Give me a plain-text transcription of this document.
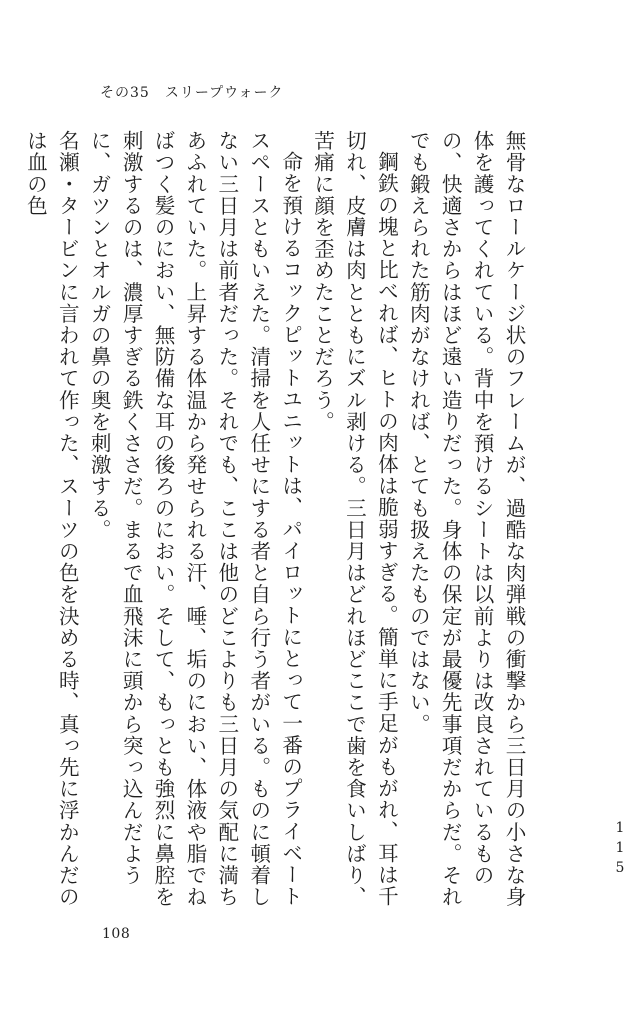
その35　スリープウォーク

無骨なロールケージ状のフレームが、過酷な肉弾戦の衝撃から三日月の小さな身体を護ってくれている。背中を預けるシートは以前よりは改良されているものの、快適さからはほど遠い造りだった。身体の保定が最優先事項だからだ。それでも鍛えられた筋肉がなければ、とても扱えたものではない。

鋼鉄の塊と比べれば、ヒトの肉体は脆弱すぎる。簡単に手足がもがれ、耳は千切れ、皮膚は肉とともにズル剥ける。三日月はどれほどここで歯を食いしばり、苦痛に顔を歪めたことだろう。

命を預けるコックピットユニットは、パイロットにとって一番のプライベートスペースともいえた。清掃を人任せにする者と自ら行う者がいる。ものに頓着しない三日月は前者だった。それでも、ここは他のどこよりも三日月の気配に満ちあふれていた。上昇する体温から発せられる汗、唾、垢のにおい、体液や脂でねばつく髪のにおい、無防備な耳の後ろのにおい。そして、もっとも強烈に鼻腔を刺激するのは、濃厚すぎる鉄くささだ。まるで血飛沫に頭から突っ込んだように、ガツンとオルガの鼻の奥を刺激する。

名瀬・タービンに言われて作った、スーツの色を決める時、真っ先に浮かんだのは血の色

115
108
